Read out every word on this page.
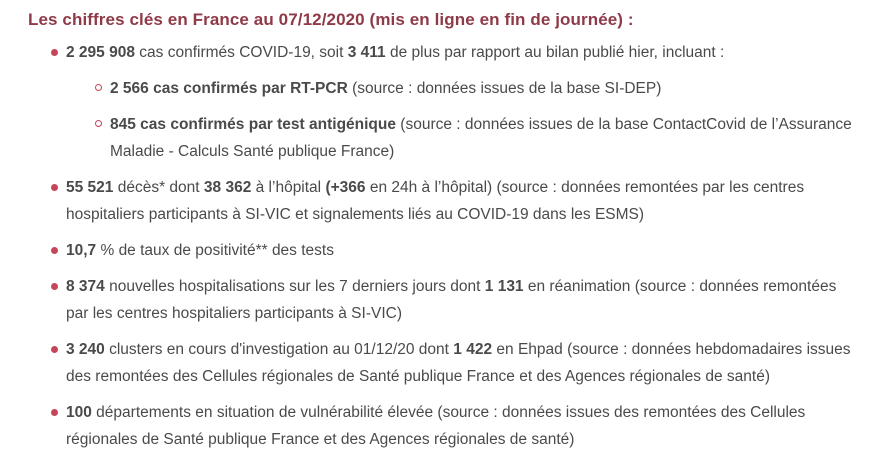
Les chiffres clés en France au 07/12/2020 (mis en ligne en fin de journée) :
2 295 908 cas confirmés COVID-19, soit 3 411 de plus par rapport au bilan publié hier, incluant :
2 566 cas confirmés par RT-PCR (source : données issues de la base SI-DEP)
845 cas confirmés par test antigénique (source : données issues de la base ContactCovid de l’Assurance Maladie - Calculs Santé publique France)
55 521 décès* dont 38 362 à l’hôpital (+366 en 24h à l’hôpital) (source : données remontées par les centres hospitaliers participants à SI-VIC et signalements liés au COVID-19 dans les ESMS)
10,7 % de taux de positivité** des tests
8 374 nouvelles hospitalisations sur les 7 derniers jours dont 1 131 en réanimation (source : données remontées par les centres hospitaliers participants à SI-VIC)
3 240 clusters en cours d'investigation au 01/12/20 dont 1 422 en Ehpad (source : données hebdomadaires issues des remontées des Cellules régionales de Santé publique France et des Agences régionales de santé)
100 départements en situation de vulnérabilité élevée (source : données issues des remontées des Cellules régionales de Santé publique France et des Agences régionales de santé)
